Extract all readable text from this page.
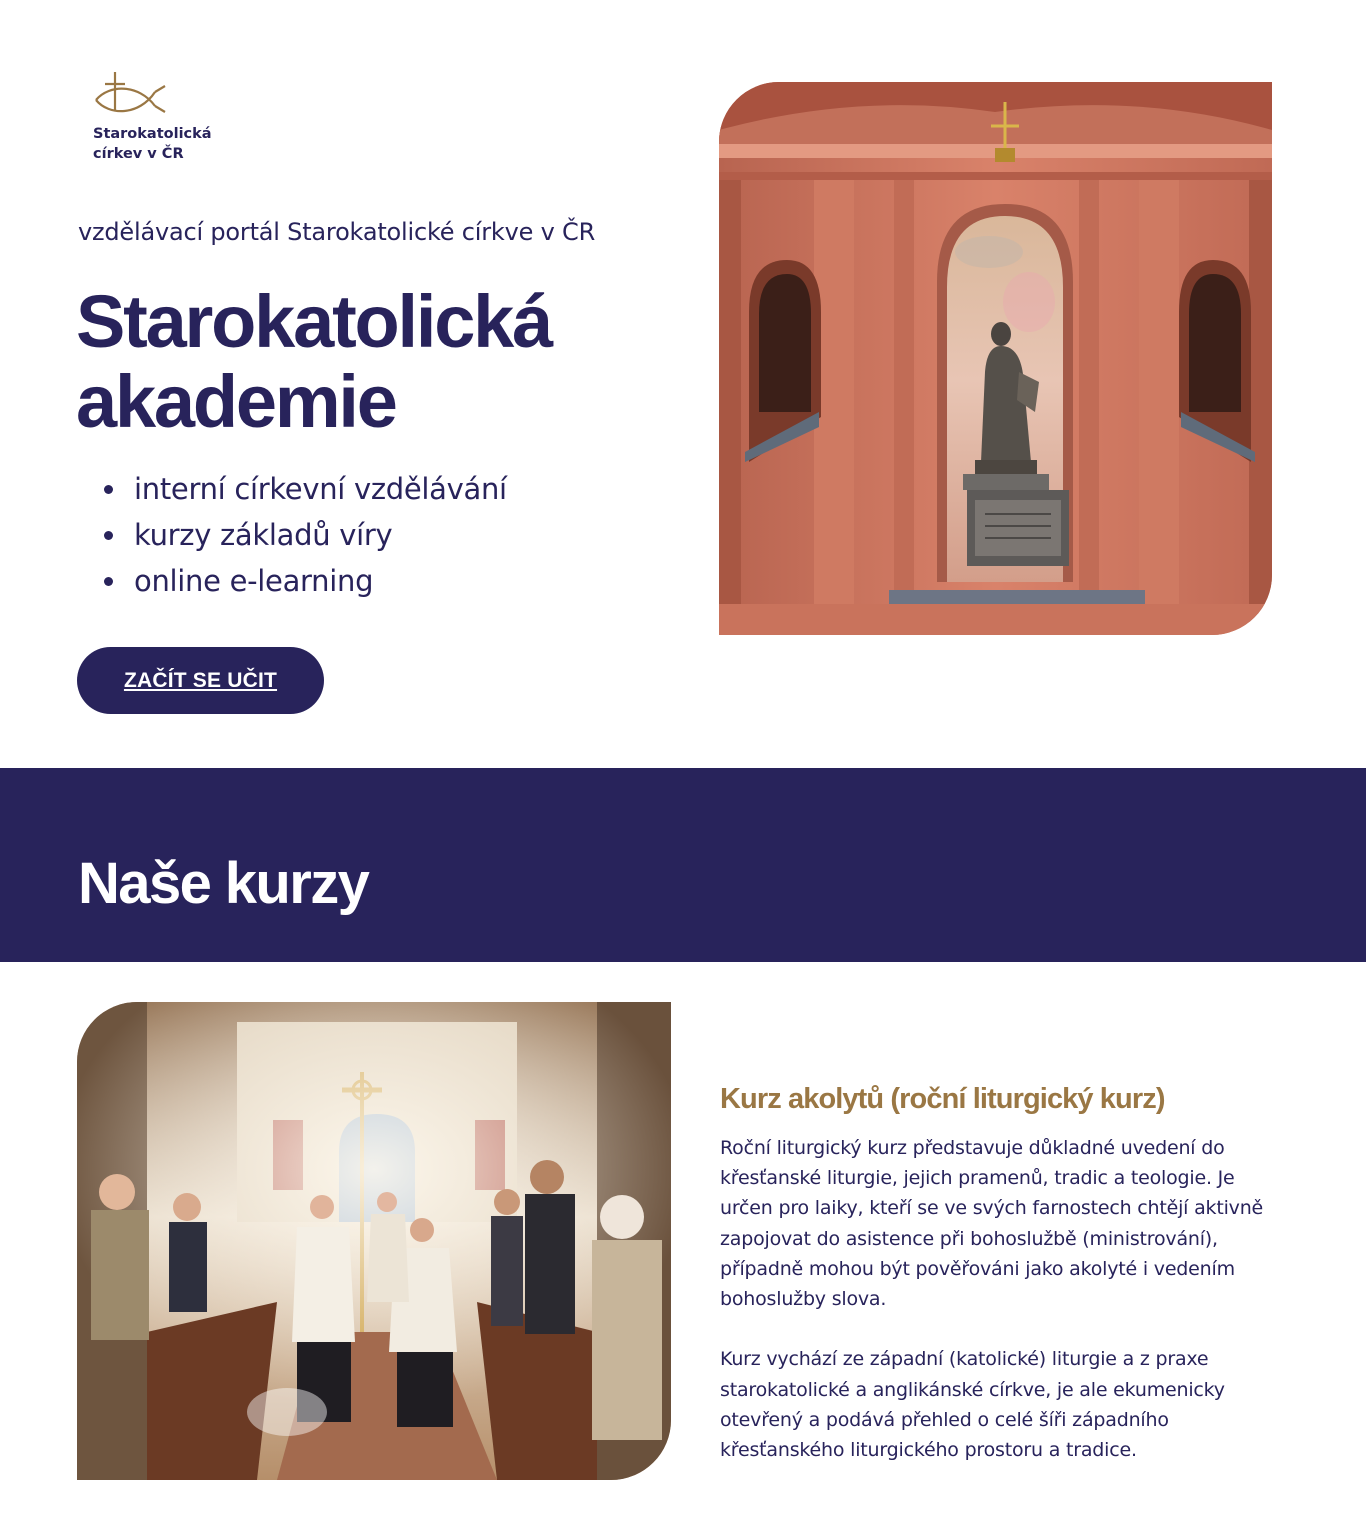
Starokatolická
církev v ČR
vzdělávací portál Starokatolické církve v ČR
Starokatolická
akademie
interní církevní vzdělávání
kurzy základů víry
online e-learning
ZAČÍT SE UČIT
Naše kurzy
Kurz akolytů (roční liturgický kurz)

Roční liturgický kurz představuje důkladné uvedení do křesťanské liturgie, jejich pramenů, tradic a teologie. Je určen pro laiky, kteří se ve svých farnostech chtějí aktivně zapojovat do asistence při bohoslužbě (ministrování), případně mohou být pověřováni jako akolyté i vedením bohoslužby slova.

Kurz vychází ze západní (katolické) liturgie a z praxe starokatolické a anglikánské církve, je ale ekumenicky otevřený a podává přehled o celé šíři západního křesťanského liturgického prostoru a tradice.
